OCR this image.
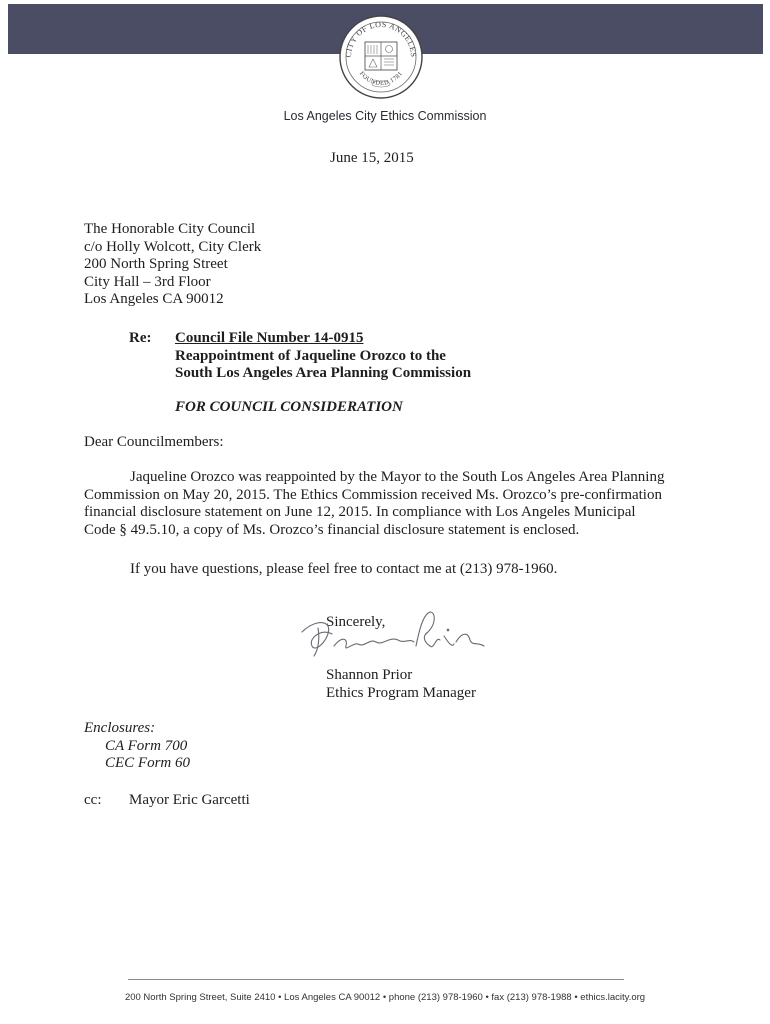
CITY OF LOS ANGELES
FOUNDED 1781
Los Angeles City Ethics Commission
June 15, 2015
The Honorable City Council
c/o Holly Wolcott, City Clerk
200 North Spring Street
City Hall – 3rd Floor
Los Angeles CA 90012
Re: Council File Number 14-0915
Reappointment of Jaqueline Orozco to the
South Los Angeles Area Planning Commission
FOR COUNCIL CONSIDERATION
Dear Councilmembers:
Jaqueline Orozco was reappointed by the Mayor to the South Los Angeles Area Planning
Commission on May 20, 2015. The Ethics Commission received Ms. Orozco’s pre-confirmation
financial disclosure statement on June 12, 2015. In compliance with Los Angeles Municipal
Code § 49.5.10, a copy of Ms. Orozco’s financial disclosure statement is enclosed.
If you have questions, please feel free to contact me at (213) 978-1960.
Sincerely,
Shannon Prior
Ethics Program Manager
Enclosures:
CA Form 700
CEC Form 60
cc: Mayor Eric Garcetti
200 North Spring Street, Suite 2410 • Los Angeles CA 90012 • phone (213) 978-1960 • fax (213) 978-1988 • ethics.lacity.org
